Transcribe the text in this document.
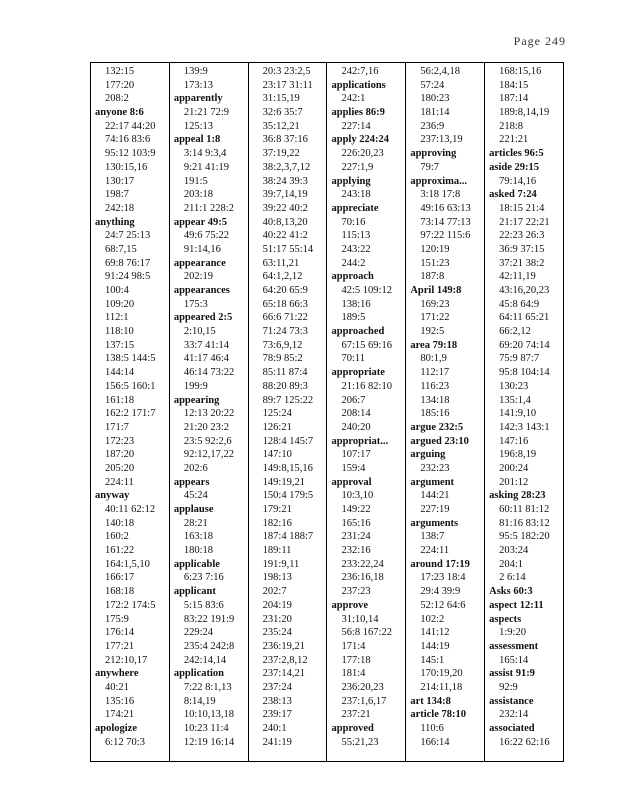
Page 249
132:15
177:20
208:2
anyone 8:6
22:17 44:20
74:16 83:6
95:12 103:9
130:15,16
130:17
198:7
242:18
anything
24:7 25:13
68:7,15
69:8 76:17
91:24 98:5
100:4
109:20
112:1
118:10
137:15
138:5 144:5
144:14
156:5 160:1
161:18
162:2 171:7
171:7
172:23
187:20
205:20
224:11
anyway
40:11 62:12
140:18
160:2
161:22
164:1,5,10
166:17
168:18
172:2 174:5
175:9
176:14
177:21
212:10,17
anywhere
40:21
135:16
174:21
apologize
6:12 70:3
139:9
173:13
apparently
21:21 72:9
125:13
appeal 1:8
3:14 9:3,4
9:21 41:19
191:5
203:18
211:1 228:2
appear 49:5
49:6 75:22
91:14,16
appearance
202:19
appearances
175:3
appeared 2:5
2:10,15
33:7 41:14
41:17 46:4
46:14 73:22
199:9
appearing
12:13 20:22
21:20 23:2
23:5 92:2,6
92:12,17,22
202:6
appears
45:24
applause
28:21
163:18
180:18
applicable
6:23 7:16
applicant
5:15 83:6
83:22 191:9
229:24
235:4 242:8
242:14,14
application
7:22 8:1,13
8:14,19
10:10,13,18
10:23 11:4
12:19 16:14
20:3 23:2,5
23:17 31:11
31:15,19
32:6 35:7
35:12,21
36:8 37:16
37:19,22
38:2,3,7,12
38:24 39:3
39:7,14,19
39:22 40:2
40:8,13,20
40:22 41:2
51:17 55:14
63:11,21
64:1,2,12
64:20 65:9
65:18 66:3
66:6 71:22
71:24 73:3
73:6,9,12
78:9 85:2
85:11 87:4
88:20 89:3
89:7 125:22
125:24
126:21
128:4 145:7
147:10
149:8,15,16
149:19,21
150:4 179:5
179:21
182:16
187:4 188:7
189:11
191:9,11
198:13
202:7
204:19
231:20
235:24
236:19,21
237:2,8,12
237:14,21
237:24
238:13
239:17
240:1
241:19
242:7,16
applications
242:1
applies 86:9
227:14
apply 224:24
226:20,23
227:1,9
applying
243:18
appreciate
70:16
115:13
243:22
244:2
approach
42:5 109:12
138:16
189:5
approached
67:15 69:16
70:11
appropriate
21:16 82:10
206:7
208:14
240:20
appropriat...
107:17
159:4
approval
10:3,10
149:22
165:16
231:24
232:16
233:22,24
236:16,18
237:23
approve
31:10,14
56:8 167:22
171:4
177:18
181:4
236:20,23
237:1,6,17
237:21
approved
55:21,23
56:2,4,18
57:24
180:23
181:14
236:9
237:13,19
approving
79:7
approxima...
3:18 17:8
49:16 63:13
73:14 77:13
97:22 115:6
120:19
151:23
187:8
April 149:8
169:23
171:22
192:5
area 79:18
80:1,9
112:17
116:23
134:18
185:16
argue 232:5
argued 23:10
arguing
232:23
argument
144:21
227:19
arguments
138:7
224:11
around 17:19
17:23 18:4
29:4 39:9
52:12 64:6
102:2
141:12
144:19
145:1
170:19,20
214:11,18
art 134:8
article 78:10
110:6
166:14
168:15,16
184:15
187:14
189:8,14,19
218:8
221:21
articles 96:5
aside 29:15
79:14,16
asked 7:24
18:15 21:4
21:17 22:21
22:23 26:3
36:9 37:15
37:21 38:2
42:11,19
43:16,20,23
45:8 64:9
64:11 65:21
66:2,12
69:20 74:14
75:9 87:7
95:8 104:14
130:23
135:1,4
141:9,10
142:3 143:1
147:16
196:8,19
200:24
201:12
asking 28:23
60:11 81:12
81:16 83:12
95:5 182:20
203:24
204:1
2 6:14
Asks 60:3
aspect 12:11
aspects
1:9:20
assessment
165:14
assist 91:9
92:9
assistance
232:14
associated
16:22 62:16
